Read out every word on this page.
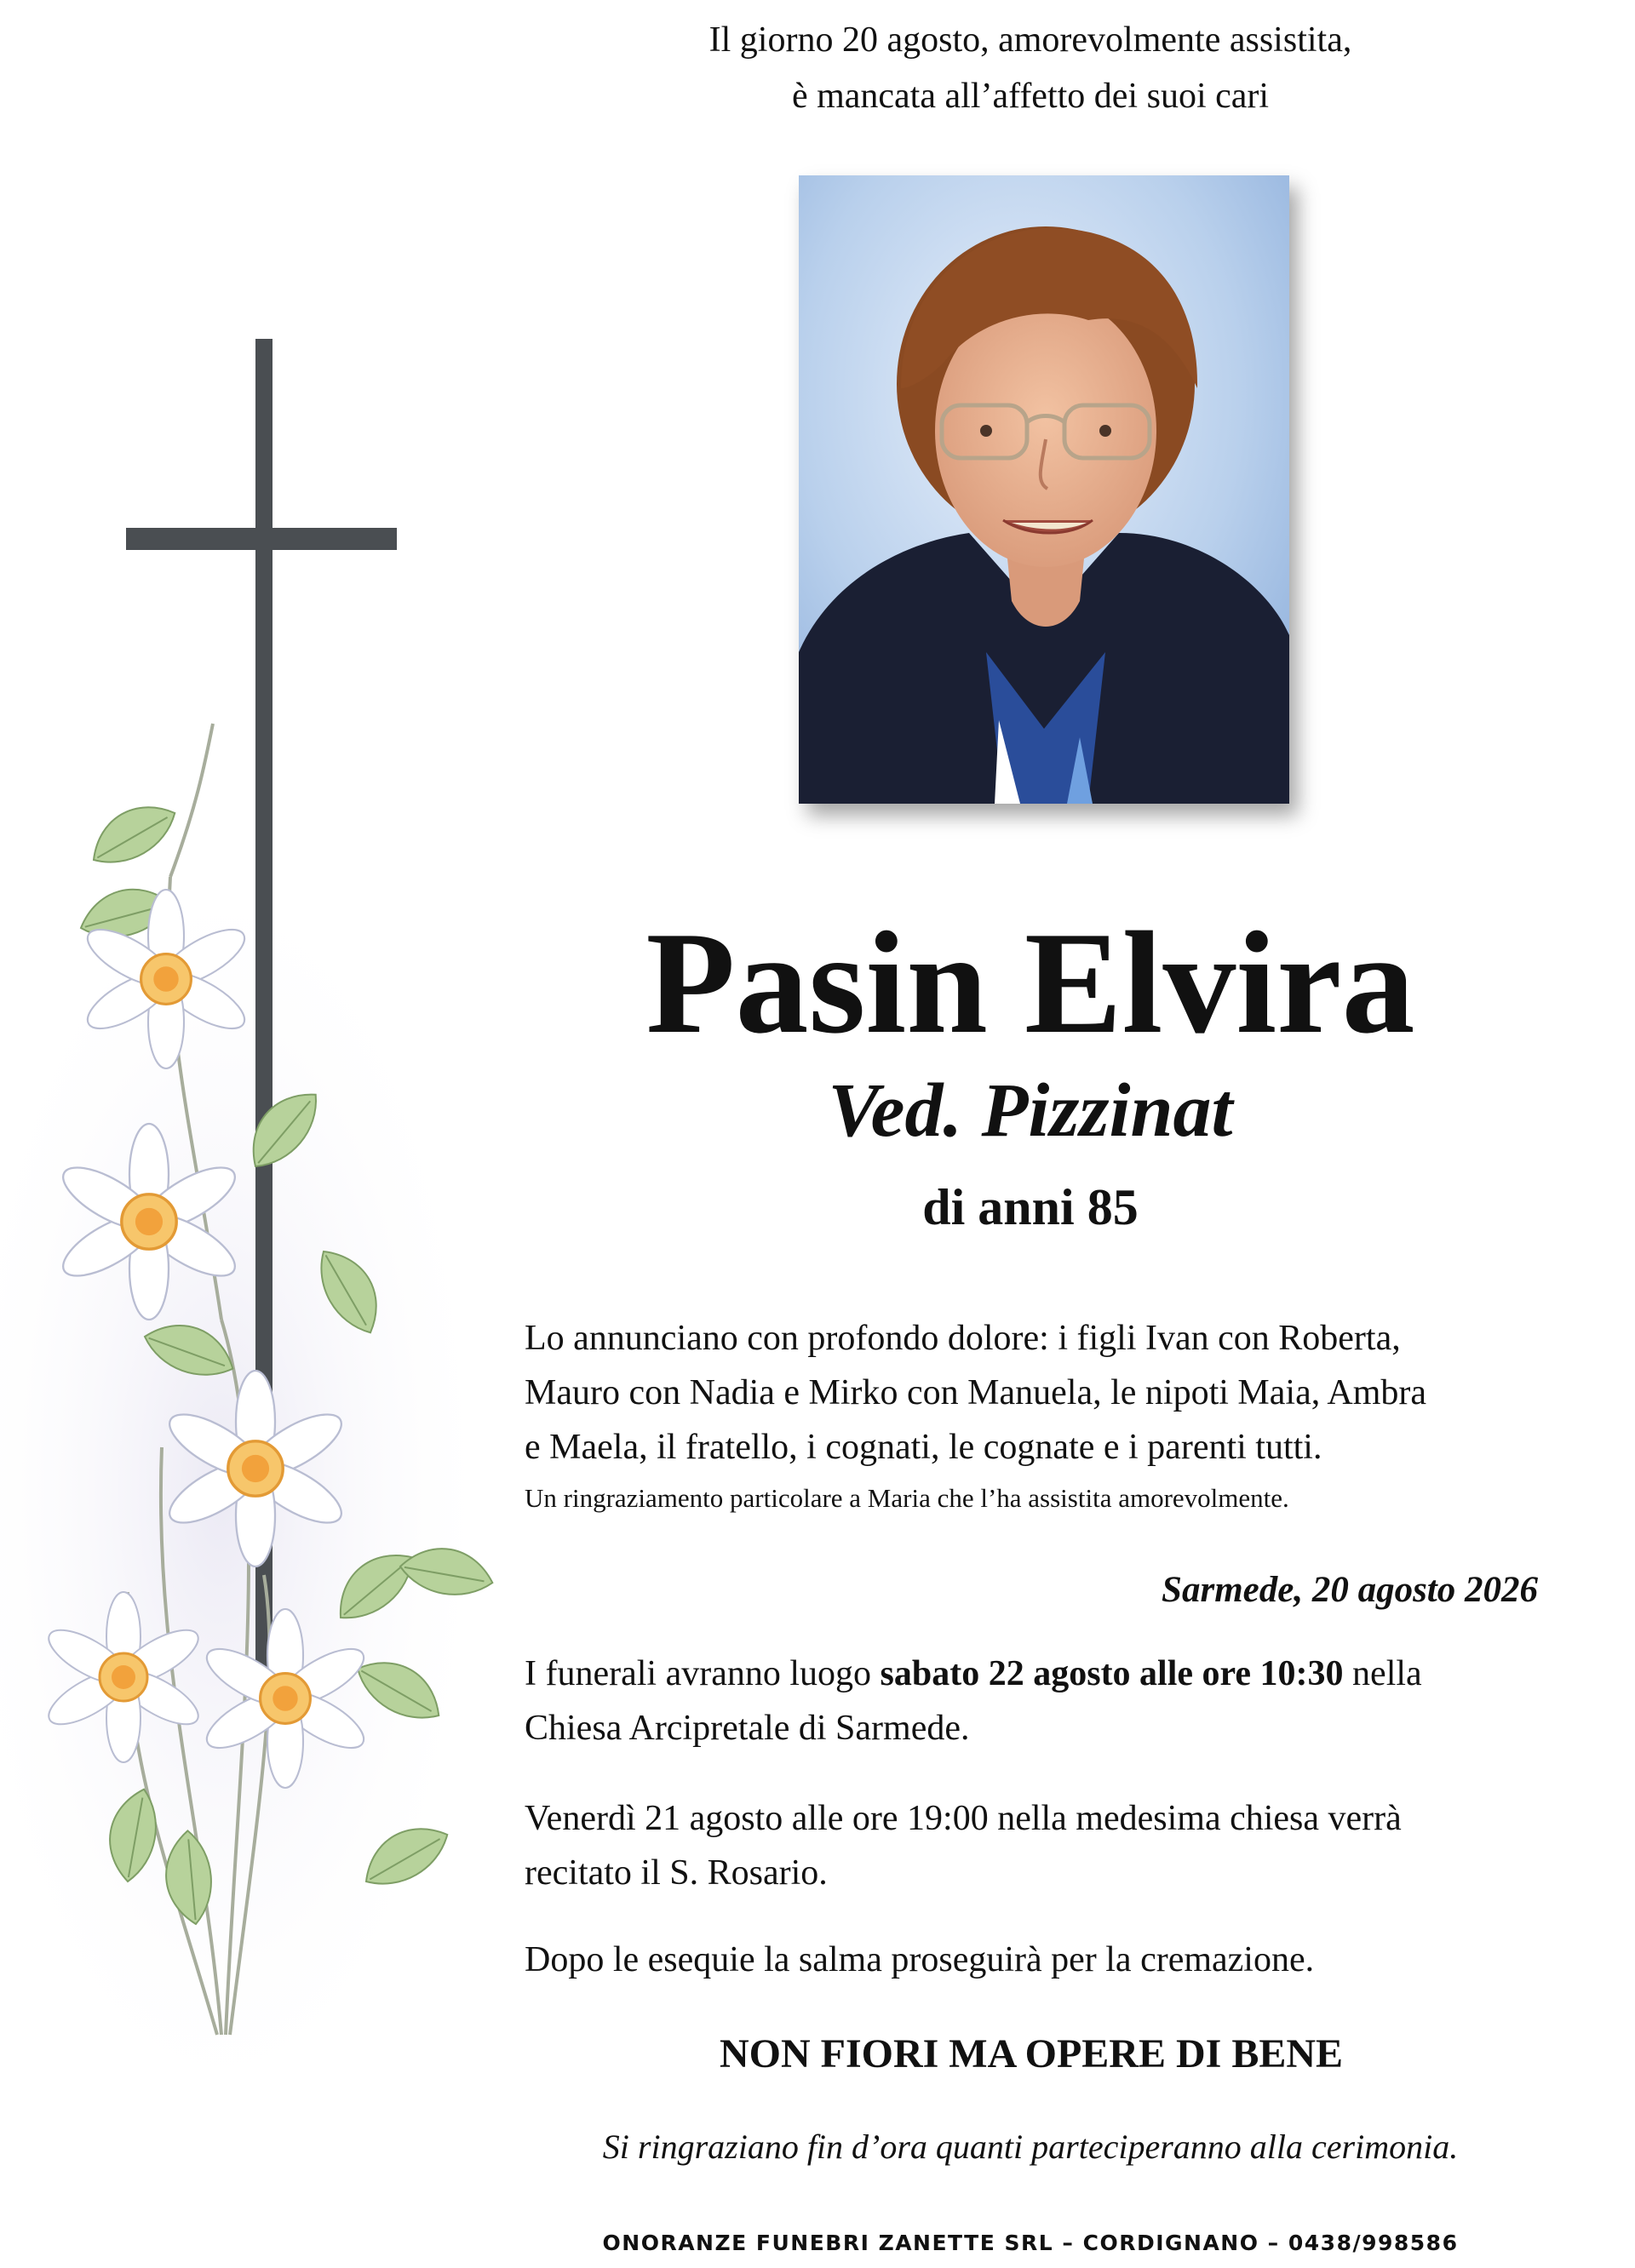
Il giorno 20 agosto, amorevolmente assistita,
è mancata all’affetto dei suoi cari
Pasin Elvira
Ved. Pizzinat
di anni 85
Lo annunciano con profondo dolore: i figli Ivan con Roberta,
Mauro con Nadia e Mirko con Manuela, le nipoti Maia, Ambra
e Maela, il fratello, i cognati, le cognate e i parenti tutti.
Un ringraziamento particolare a Maria che l’ha assistita amorevolmente.
Sarmede, 20 agosto 2026
I funerali avranno luogo sabato 22 agosto alle ore 10:30 nella
Chiesa Arcipretale di Sarmede.
Venerdì 21 agosto alle ore 19:00 nella medesima chiesa verrà
recitato il S. Rosario.
Dopo le esequie la salma proseguirà per la cremazione.
NON FIORI MA OPERE DI BENE
Si ringraziano fin d’ora quanti parteciperanno alla cerimonia.
ONORANZE FUNEBRI ZANETTE SRL – CORDIGNANO – 0438/998586
